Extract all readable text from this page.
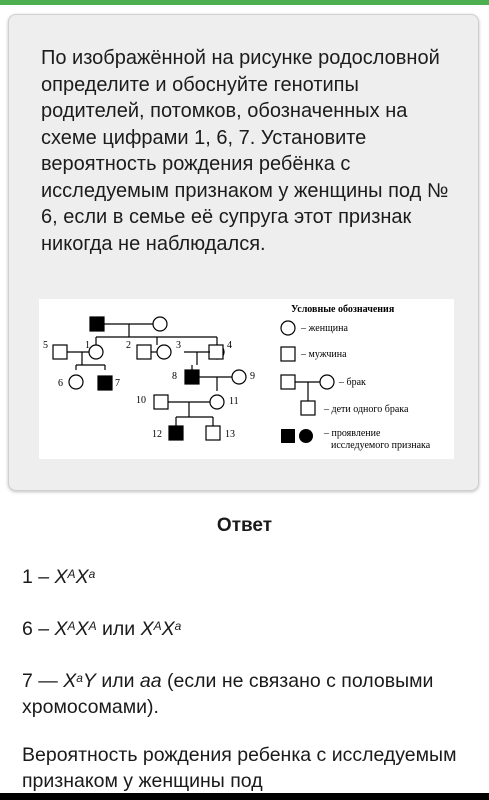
По изображённой на рисунке родословной определите и обоснуйте генотипы родителей, потомков, обозначенных на схеме цифрами 1, 6, 7. Установите вероятность рождения ребёнка с исследуемым признаком у женщины под № 6, если в семье её супруга этот признак никогда не наблюдался.
5	1	2	3	4
6	7
8	9
10	11
12	13
Условные обозначения
– женщина
– мужчина
– брак
– дети одного брака
– проявление
исследуемого признака
Ответ
$1 - X^AX^a$
$6 - X^AX^A$ или $X^AX^a$
7 — $X^aY$ или aa (если не связано с половыми хромосомами).
Вероятность рождения ребенка с исследуемым признаком у женщины под
